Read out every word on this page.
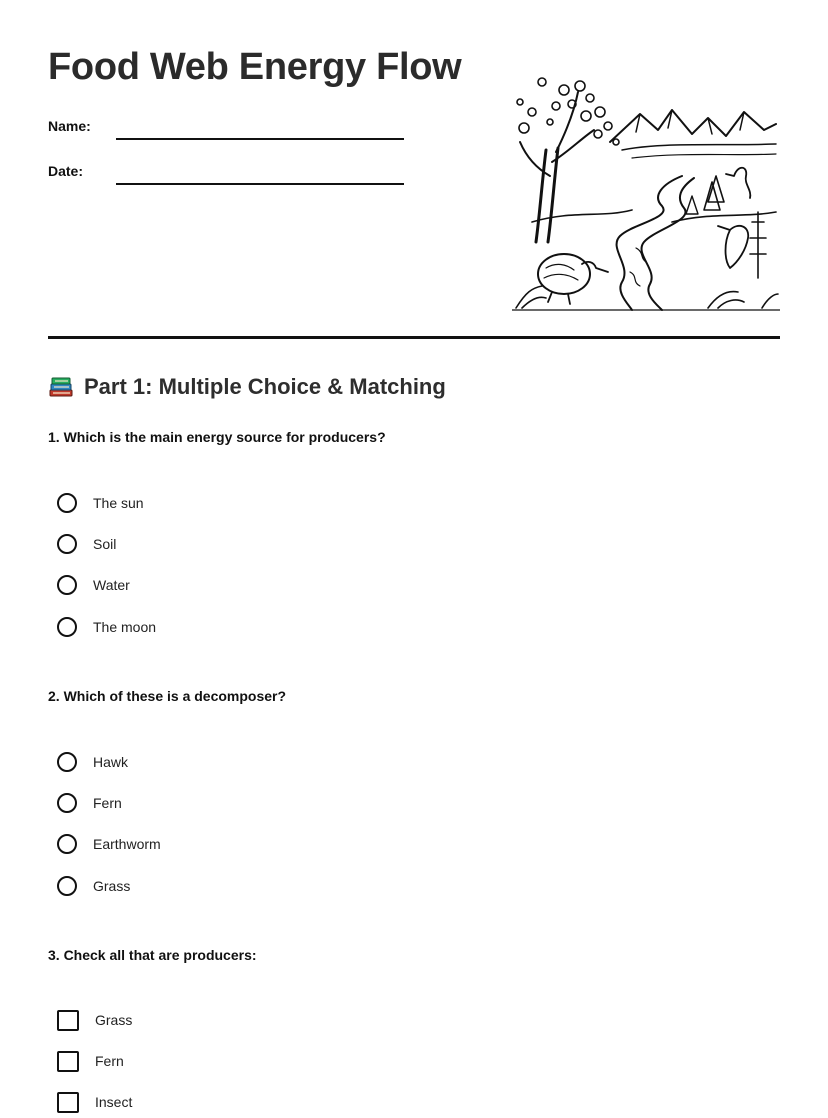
Food Web Energy Flow
Name:
Date:
Part 1: Multiple Choice & Matching
1. Which is the main energy source for producers?
The sun
Soil
Water
The moon
2. Which of these is a decomposer?
Hawk
Fern
Earthworm
Grass
3. Check all that are producers:
Grass
Fern
Insect
